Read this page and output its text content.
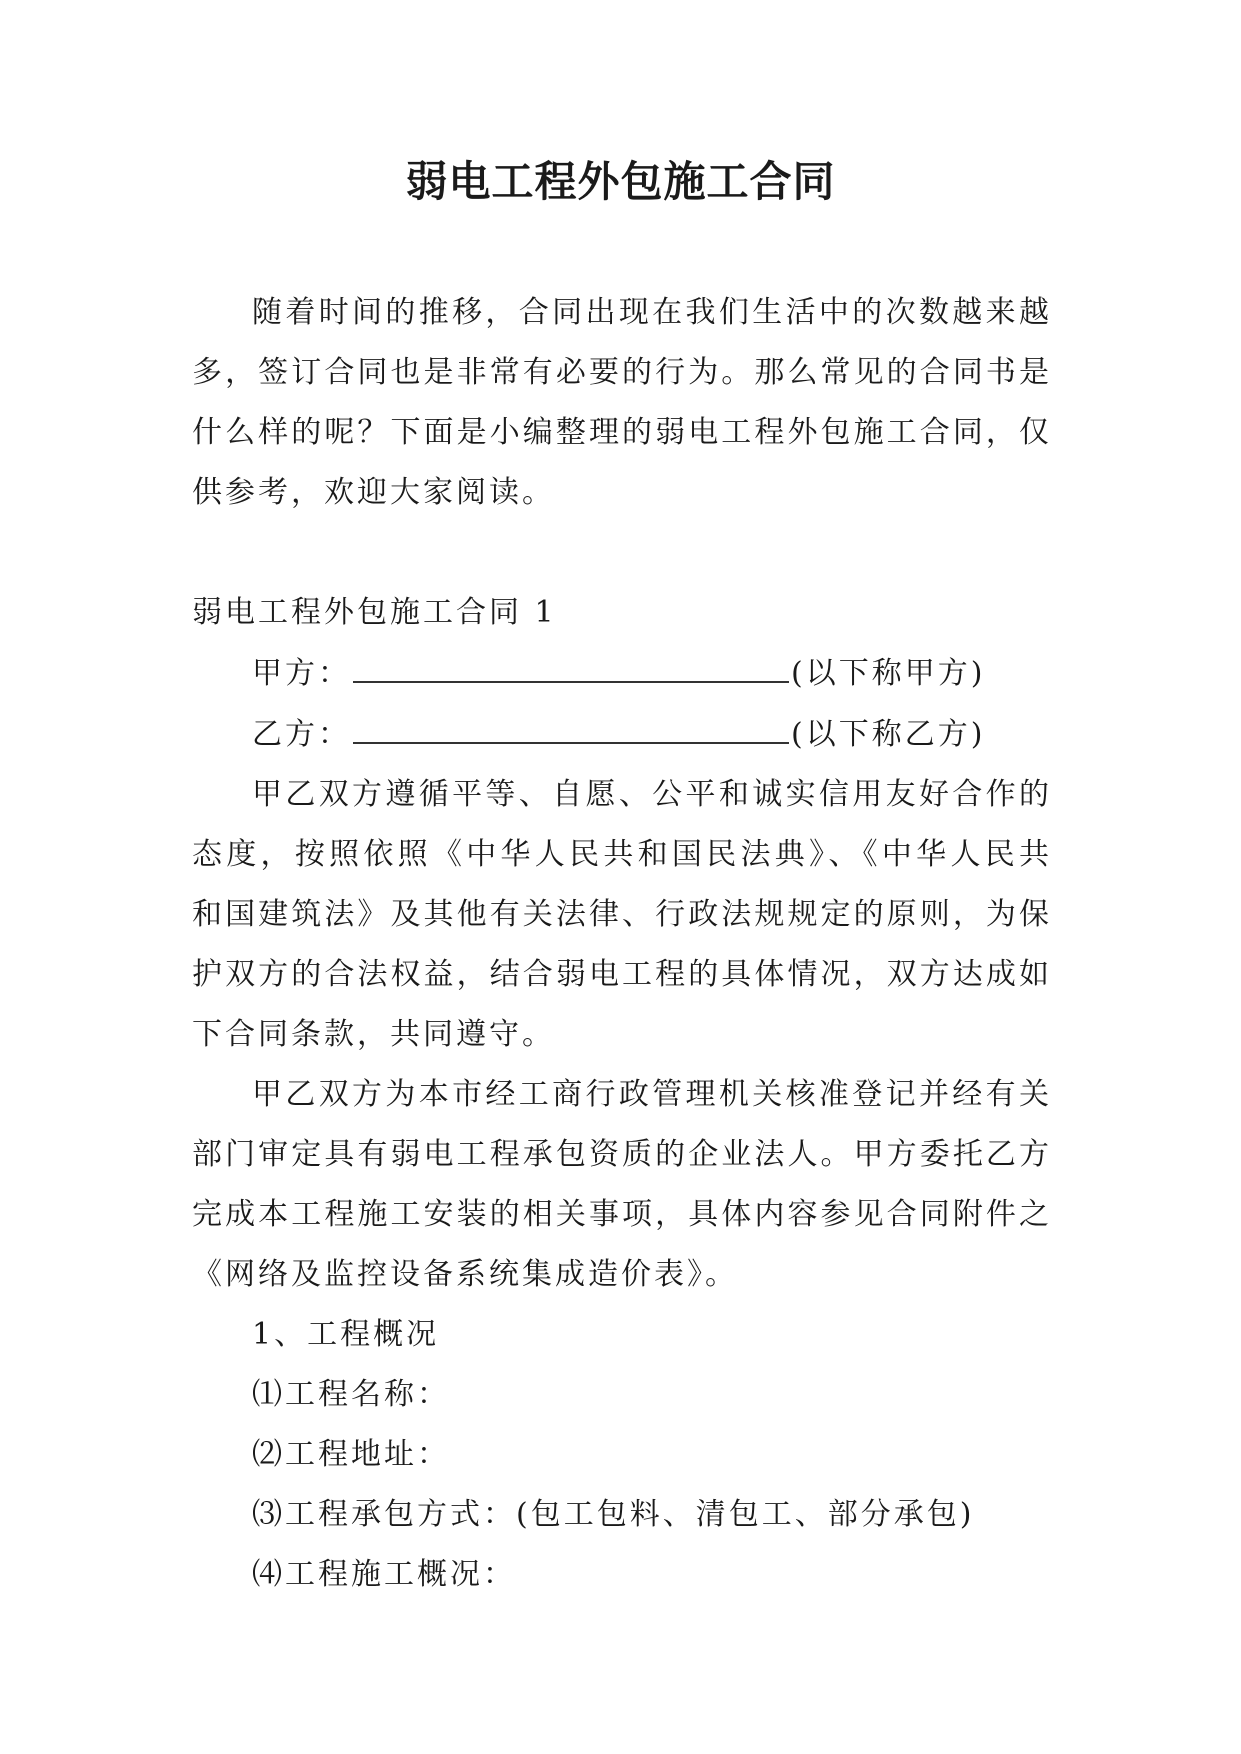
弱电工程外包施工合同

随着时间的推移，合同出现在我们生活中的次数越来越多，签订合同也是非常有必要的行为。那么常见的合同书是什么样的呢？下面是小编整理的弱电工程外包施工合同，仅供参考，欢迎大家阅读。

弱电工程外包施工合同 1

甲方：	(以下称甲方)

乙方：	(以下称乙方)

甲乙双方遵循平等、自愿、公平和诚实信用友好合作的态度，按照依照《中华人民共和国民法典》、《中华人民共和国建筑法》及其他有关法律、行政法规规定的原则，为保护双方的合法权益，结合弱电工程的具体情况，双方达成如下合同条款，共同遵守。

甲乙双方为本市经工商行政管理机关核准登记并经有关部门审定具有弱电工程承包资质的企业法人。甲方委托乙方完成本工程施工安装的相关事项，具体内容参见合同附件之《网络及监控设备系统集成造价表》。

1、工程概况

⑴工程名称：

⑵工程地址：

⑶工程承包方式：(包工包料、清包工、部分承包)

⑷工程施工概况：
